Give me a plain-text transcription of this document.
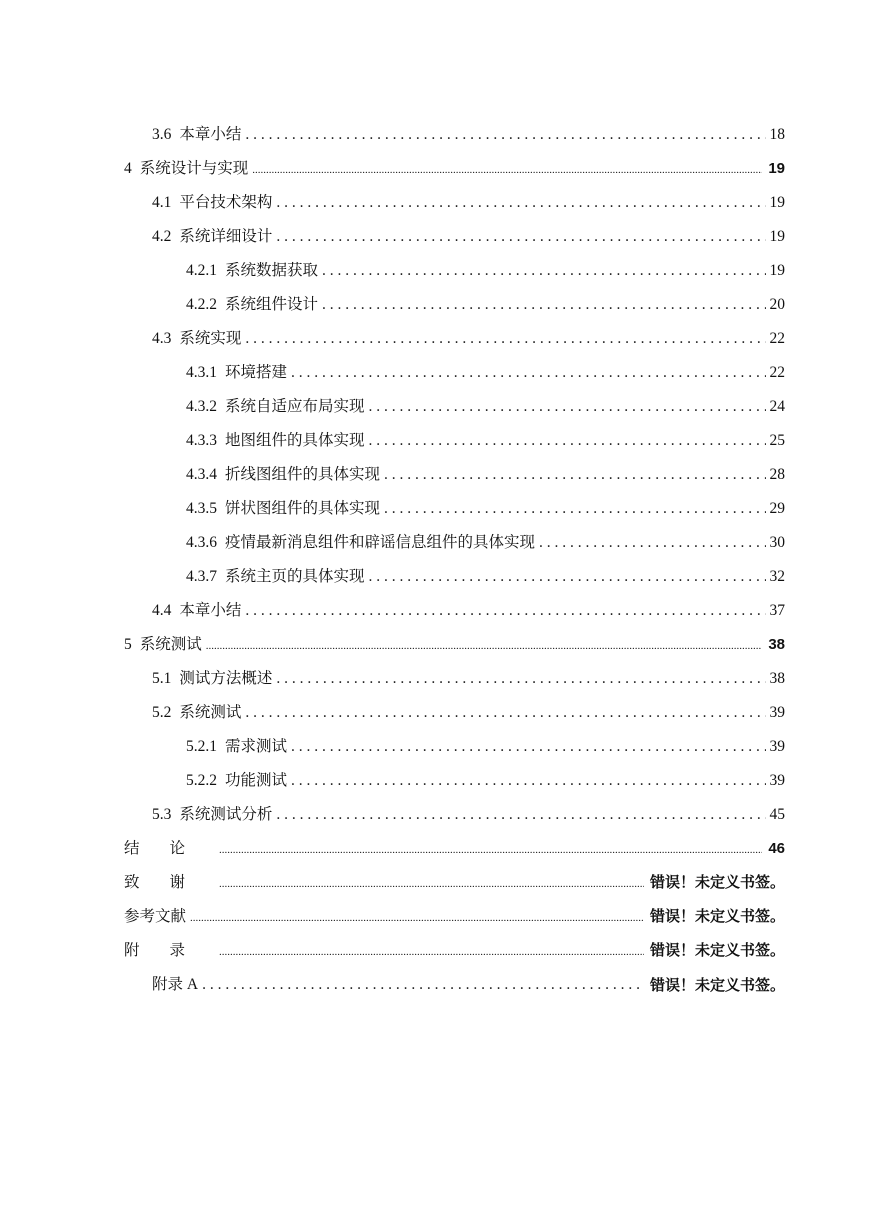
3.6 本章小结 . . .	18
4 系统设计与实现 .....	19
4.1 平台技术架构 . . .	19
4.2 系统详细设计 . . .	19
4.2.1 系统数据获取 . . .	19
4.2.2 系统组件设计 . . .	20
4.3 系统实现 . . .	22
4.3.1 环境搭建 . . .	22
4.3.2 系统自适应布局实现 . . .	24
4.3.3 地图组件的具体实现 . . .	25
4.3.4 折线图组件的具体实现 . . .	28
4.3.5 饼状图组件的具体实现 . . .	29
4.3.6 疫情最新消息组件和辟谣信息组件的具体实现 . . .	30
4.3.7 系统主页的具体实现 . . .	32
4.4 本章小结 . . .	37
5 系统测试 .....	38
5.1 测试方法概述 . . .	38
5.2 系统测试 . . .	39
5.2.1 需求测试 . . .	39
5.2.2 功能测试 . . .	39
5.3 系统测试分析 . . .	45
结论 .....	46
致谢 .....	错误！未定义书签。
参考文献 .....	错误！未定义书签。
附录 .....	错误！未定义书签。
附录 A . . .	错误！未定义书签。
